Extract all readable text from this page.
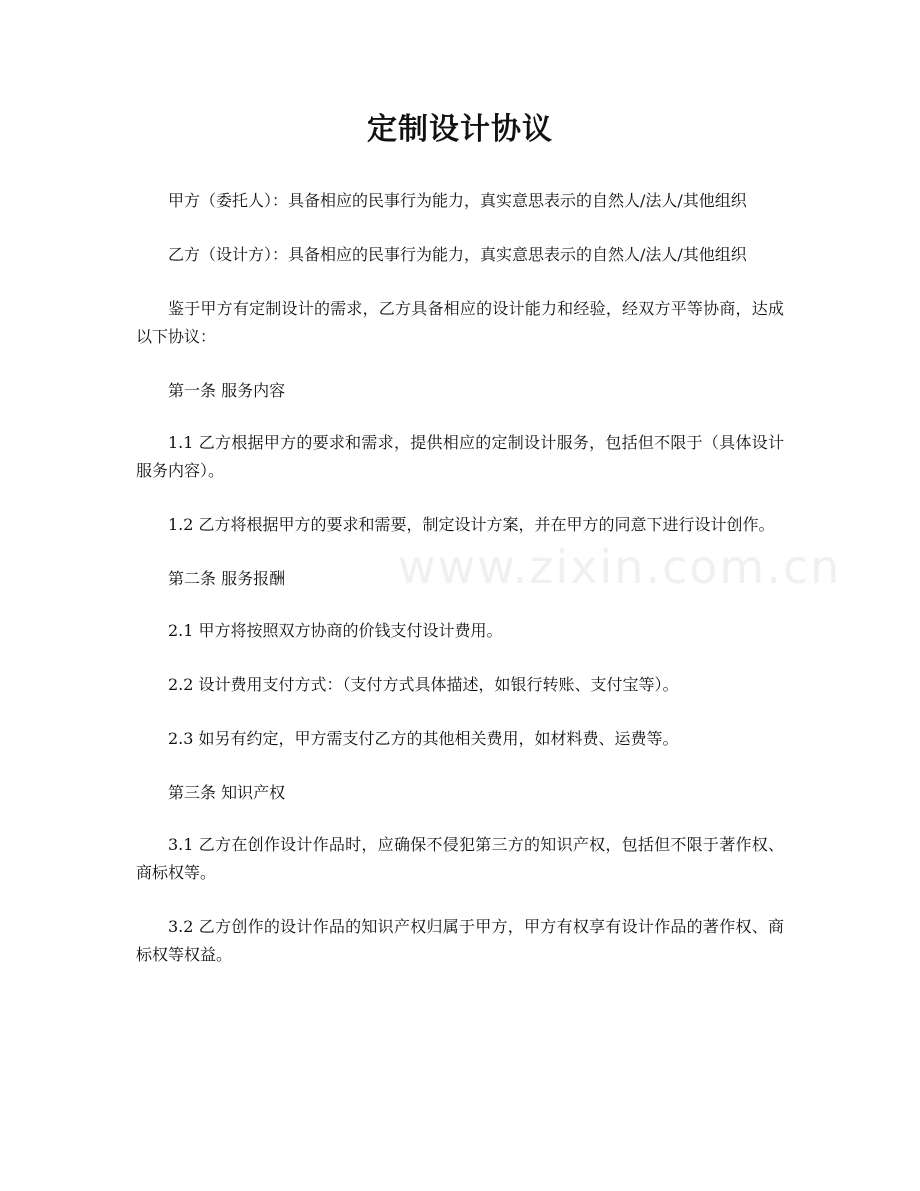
www.zixin.com.cn
定制设计协议

甲方（委托人）：具备相应的民事行为能力，真实意思表示的自然人/法人/其他组织

乙方（设计方）：具备相应的民事行为能力，真实意思表示的自然人/法人/其他组织

鉴于甲方有定制设计的需求，乙方具备相应的设计能力和经验，经双方平等协商，达成以下协议：

第一条 服务内容

1.1 乙方根据甲方的要求和需求，提供相应的定制设计服务，包括但不限于（具体设计服务内容）。

1.2 乙方将根据甲方的要求和需要，制定设计方案，并在甲方的同意下进行设计创作。

第二条 服务报酬

2.1 甲方将按照双方协商的价钱支付设计费用。

2.2 设计费用支付方式：（支付方式具体描述，如银行转账、支付宝等）。

2.3 如另有约定，甲方需支付乙方的其他相关费用，如材料费、运费等。

第三条 知识产权

3.1 乙方在创作设计作品时，应确保不侵犯第三方的知识产权，包括但不限于著作权、商标权等。

3.2 乙方创作的设计作品的知识产权归属于甲方，甲方有权享有设计作品的著作权、商标权等权益。
